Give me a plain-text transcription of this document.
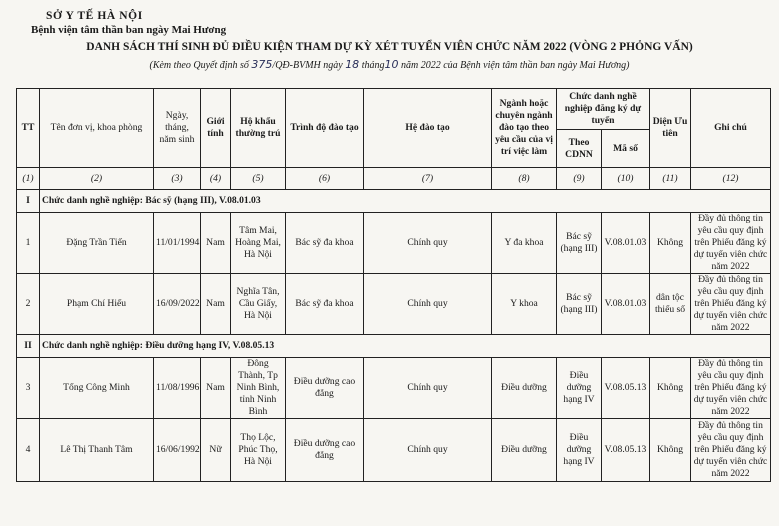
SỞ Y TẾ HÀ NỘI
Bệnh viện tâm thần ban ngày Mai Hương
DANH SÁCH THÍ SINH ĐỦ ĐIỀU KIỆN THAM DỰ KỲ XÉT TUYỂN VIÊN CHỨC NĂM 2022 (VÒNG 2 PHỎNG VẤN)
(Kèm theo Quyết định số 375/QĐ-BVMH ngày 18 tháng10 năm 2022 của Bệnh viện tâm thần ban ngày Mai Hương)
TT	Tên đơn vị, khoa phòng	Ngày, tháng, năm sinh	Giới tính	Hộ khẩu thường trú	Trình độ đào tạo	Hệ đào tạo	Ngành hoặc chuyên ngành đào tạo theo yêu cầu của vị trí việc làm	Chức danh nghề nghiệp đăng ký dự tuyển		Diện Ưu tiên	Ghi chú
								Theo CDNN	Mã số		
(1)	(2)	(3)	(4)	(5)	(6)	(7)	(8)	(9)	(10)	(11)	(12)
I	Chức danh nghề nghiệp: Bác sỹ (hạng III), V.08.01.03										
1	Đặng Trần Tiến	11/01/1994	Nam	Tâm Mai, Hoàng Mai, Hà Nội	Bác sỹ đa khoa	Chính quy	Y đa khoa	Bác sỹ (hạng III)	V.08.01.03	Không	Đầy đủ thông tin yêu cầu quy định trên Phiếu đăng ký dự tuyển viên chức năm 2022
2	Phạm Chí Hiếu	16/09/2022	Nam	Nghĩa Tân, Cầu Giấy, Hà Nội	Bác sỹ đa khoa	Chính quy	Y khoa	Bác sỹ (hạng III)	V.08.01.03	dân tộc thiểu số	Đầy đủ thông tin yêu cầu quy định trên Phiếu đăng ký dự tuyển viên chức năm 2022
II	Chức danh nghề nghiệp: Điều dưỡng hạng IV, V.08.05.13										
3	Tống Công Minh	11/08/1996	Nam	Đông Thành, Tp Ninh Bình, tỉnh Ninh Bình	Điều dưỡng cao đẳng	Chính quy	Điều dưỡng	Điều dưỡng hạng IV	V.08.05.13	Không	Đầy đủ thông tin yêu cầu quy định trên Phiếu đăng ký dự tuyển viên chức năm 2022
4	Lê Thị Thanh Tâm	16/06/1992	Nữ	Thọ Lộc, Phúc Thọ, Hà Nội	Điều dưỡng cao đẳng	Chính quy	Điều dưỡng	Điều dưỡng hạng IV	V.08.05.13	Không	Đầy đủ thông tin yêu cầu quy định trên Phiếu đăng ký dự tuyển viên chức năm 2022
